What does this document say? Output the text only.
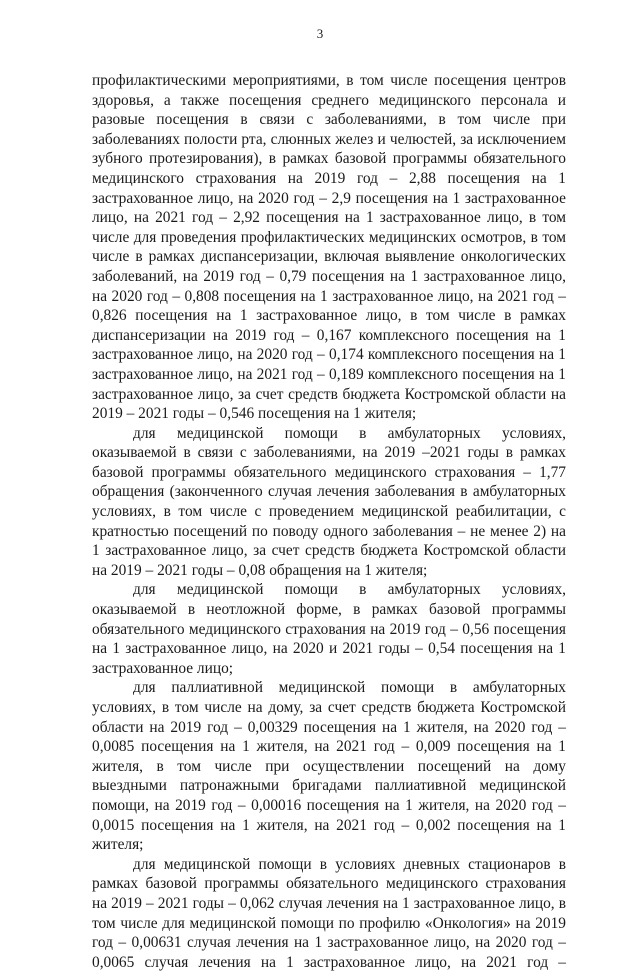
3

профилактическими мероприятиями, в том числе посещения центров здоровья, а также посещения среднего медицинского персонала и разовые посещения в связи с заболеваниями, в том числе при заболеваниях полости рта, слюнных желез и челюстей, за исключением зубного протезирования), в рамках базовой программы обязательного медицинского страхования на 2019 год – 2,88 посещения на 1 застрахованное лицо, на 2020 год – 2,9 посещения на 1 застрахованное лицо, на 2021 год – 2,92 посещения на 1 застрахованное лицо, в том числе для проведения профилактических медицинских осмотров, в том числе в рамках диспансеризации, включая выявление онкологических заболеваний, на 2019 год – 0,79 посещения на 1 застрахованное лицо, на 2020 год – 0,808 посещения на 1 застрахованное лицо, на 2021 год – 0,826 посещения на 1 застрахованное лицо, в том числе в рамках диспансеризации на 2019 год – 0,167 комплексного посещения на 1 застрахованное лицо, на 2020 год – 0,174 комплексного посещения на 1 застрахованное лицо, на 2021 год – 0,189 комплексного посещения на 1 застрахованное лицо, за счет средств бюджета Костромской области на 2019 – 2021 годы – 0,546 посещения на 1 жителя;

для медицинской помощи в амбулаторных условиях, оказываемой в связи с заболеваниями, на 2019 –2021 годы в рамках базовой программы обязательного медицинского страхования – 1,77 обращения (законченного случая лечения заболевания в амбулаторных условиях, в том числе с проведением медицинской реабилитации, с кратностью посещений по поводу одного заболевания – не менее 2) на 1 застрахованное лицо, за счет средств бюджета Костромской области на 2019 – 2021 годы – 0,08 обращения на 1 жителя;

для медицинской помощи в амбулаторных условиях, оказываемой в неотложной форме, в рамках базовой программы обязательного медицинского страхования на 2019 год – 0,56 посещения на 1 застрахованное лицо, на 2020 и 2021 годы – 0,54 посещения на 1 застрахованное лицо;

для паллиативной медицинской помощи в амбулаторных условиях, в том числе на дому, за счет средств бюджета Костромской области на 2019 год – 0,00329 посещения на 1 жителя, на 2020 год – 0,0085 посещения на 1 жителя, на 2021 год – 0,009 посещения на 1 жителя, в том числе при осуществлении посещений на дому выездными патронажными бригадами паллиативной медицинской помощи, на 2019 год – 0,00016 посещения на 1 жителя, на 2020 год – 0,0015 посещения на 1 жителя, на 2021 год – 0,002 посещения на 1 жителя;

для медицинской помощи в условиях дневных стационаров в рамках базовой программы обязательного медицинского страхования на 2019 – 2021 годы – 0,062 случая лечения на 1 застрахованное лицо, в том числе для медицинской помощи по профилю «Онкология» на 2019 год – 0,00631 случая лечения на 1 застрахованное лицо, на 2020 год – 0,0065 случая лечения на 1 застрахованное лицо, на 2021 год –
